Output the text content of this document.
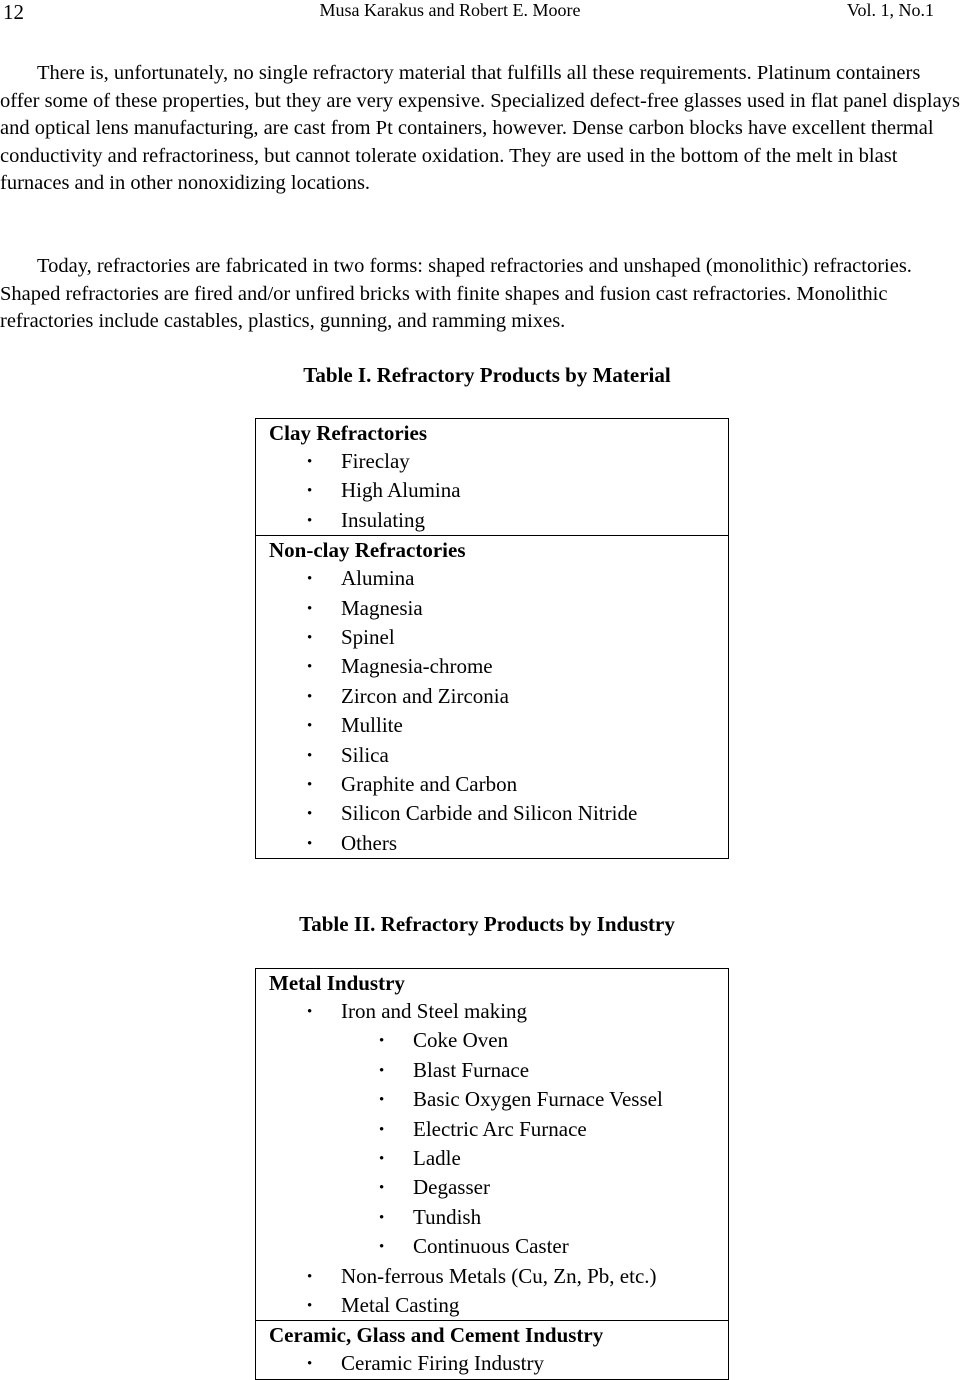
12	Musa Karakus and Robert E. Moore	Vol. 1, No.1

There is, unfortunately, no single refractory material that fulfills all these requirements. Platinum containers offer some of these properties, but they are very expensive. Specialized defect-free glasses used in flat panel displays and optical lens manufacturing, are cast from Pt containers, however. Dense carbon blocks have excellent thermal conductivity and refractoriness, but cannot tolerate oxidation. They are used in the bottom of the melt in blast furnaces and in other nonoxidizing locations.

Today, refractories are fabricated in two forms: shaped refractories and unshaped (monolithic) refractories. Shaped refractories are fired and/or unfired bricks with finite shapes and fusion cast refractories. Monolithic refractories include castables, plastics, gunning, and ramming mixes.

Table I. Refractory Products by Material

Clay Refractories
• Fireclay
• High Alumina
• Insulating
Non-clay Refractories
• Alumina
• Magnesia
• Spinel
• Magnesia-chrome
• Zircon and Zirconia
• Mullite
• Silica
• Graphite and Carbon
• Silicon Carbide and Silicon Nitride
• Others

Table II. Refractory Products by Industry

Metal Industry
• Iron and Steel making
• Coke Oven
• Blast Furnace
• Basic Oxygen Furnace Vessel
• Electric Arc Furnace
• Ladle
• Degasser
• Tundish
• Continuous Caster
• Non-ferrous Metals (Cu, Zn, Pb, etc.)
• Metal Casting
Ceramic, Glass and Cement Industry
• Ceramic Firing Industry
